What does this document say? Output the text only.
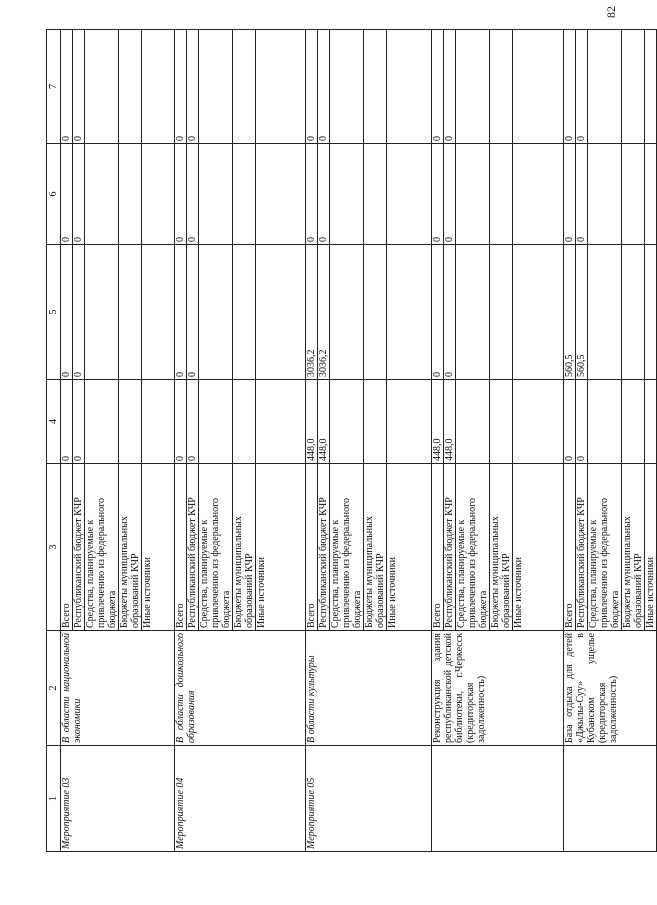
82
1	2	3	4	5	6	7
Мероприятие 03	В области национальной экономики	Всего	0	0	0	0
		Республиканский бюджет КЧР	0	0	0	0
		Средства, планируемые к привлечению из федерального бюджета				
		Бюджеты муниципальных образований КЧР				
		Иные источники				
Мероприятие 04	В области дошкольного образования	Всего	0	0	0	0
		Республиканский бюджет КЧР	0	0	0	0
		Средства, планируемые к привлечению из федерального бюджета				
		Бюджеты муниципальных образований КЧР				
		Иные источники				
Мероприятие 05	В области культуры	Всего	448,0	3036,2	0	0
		Республиканский бюджет КЧР	448,0	3036,2	0	0
		Средства, планируемые к привлечению из федерального бюджета				
		Бюджеты муниципальных образований КЧР				
		Иные источники				
	Реконструкция здания республиканской детской библиотеки, г.Черкесск (кредиторская задолженность)	Всего	448,0	0	0	0
		Республиканский бюджет КЧР	448,0	0	0	0
		Средства, планируемые к привлечению из федерального бюджета				
		Бюджеты муниципальных образований КЧР				
		Иные источники				
	База отдыха для детей «Джылы-Суу» в Кубанском ущелье (кредиторская задолженность)	Всего	0	560,5	0	0
		Республиканский бюджет КЧР	0	560,5	0	0
		Средства, планируемые к привлечению из федерального бюджета				
		Бюджеты муниципальных образований КЧР				
		Иные источники				
